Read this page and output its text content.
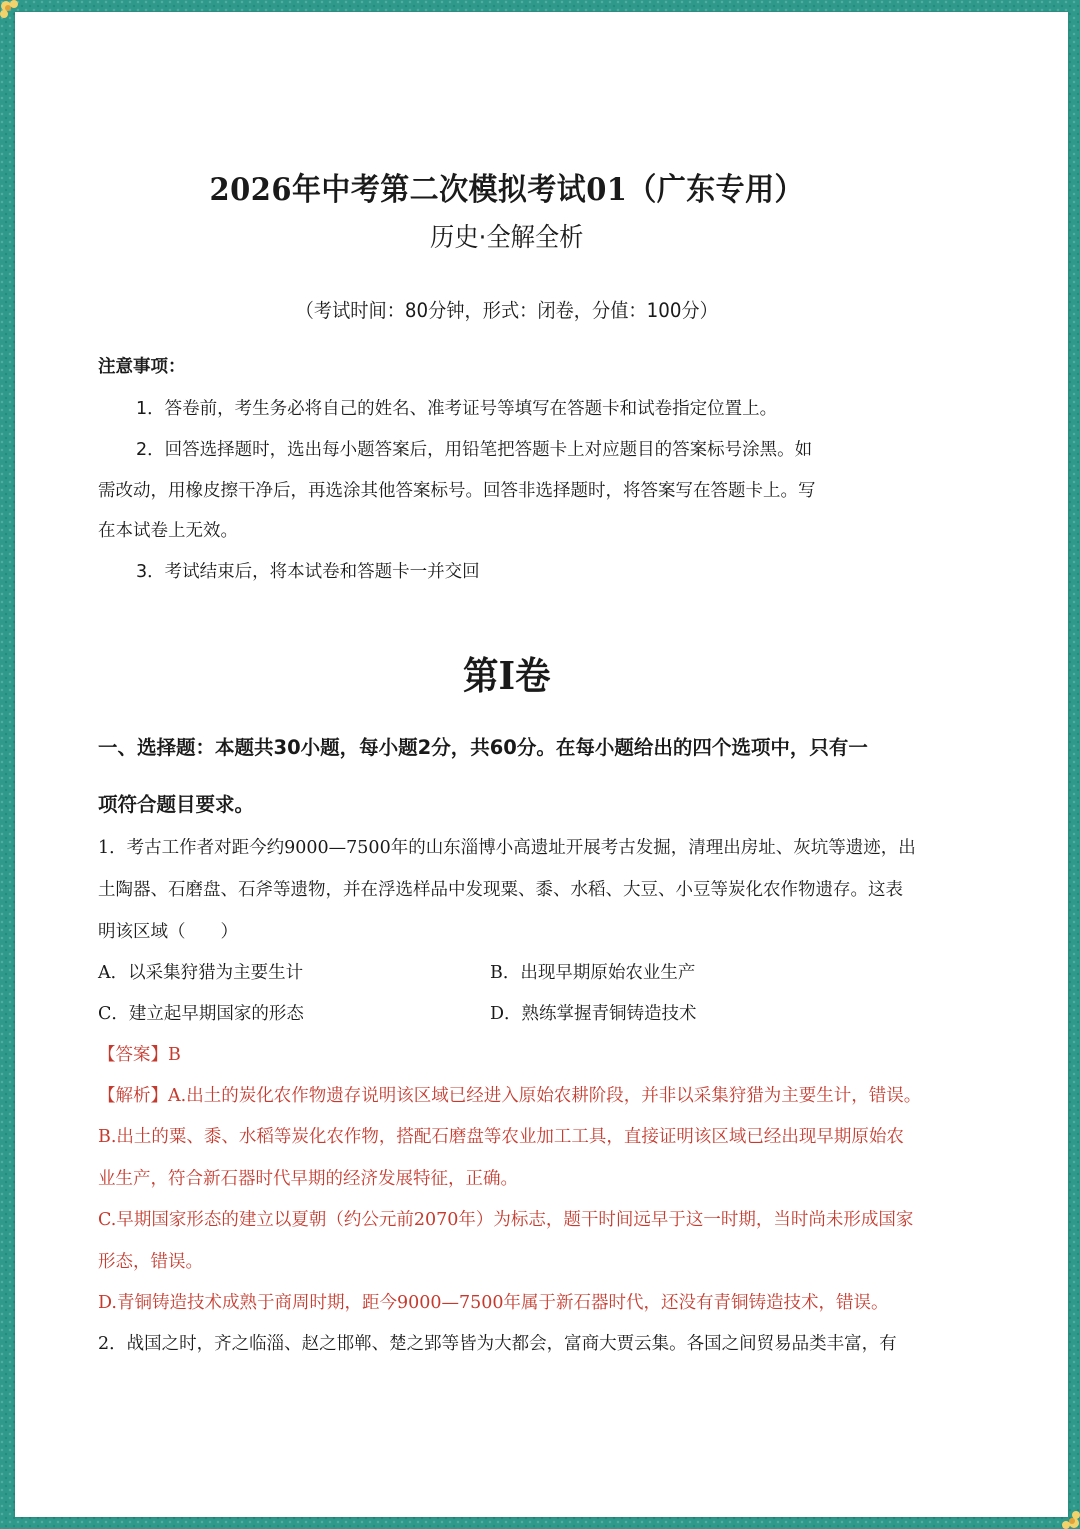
2026年中考第二次模拟考试01（广东专用）
历史·全解全析
（考试时间：80分钟，形式：闭卷，分值：100分）
注意事项：
1．答卷前，考生务必将自己的姓名、准考证号等填写在答题卡和试卷指定位置上。
2．回答选择题时，选出每小题答案后，用铅笔把答题卡上对应题目的答案标号涂黑。如
需改动，用橡皮擦干净后，再选涂其他答案标号。回答非选择题时，将答案写在答题卡上。写
在本试卷上无效。
3．考试结束后，将本试卷和答题卡一并交回
第Ⅰ卷
一、选择题：本题共30小题，每小题2分，共60分。在每小题给出的四个选项中，只有一
项符合题目要求。
1．考古工作者对距今约9000—7500年的山东淄博小高遗址开展考古发掘，清理出房址、灰坑等遗迹，出
土陶器、石磨盘、石斧等遗物，并在浮选样品中发现粟、黍、水稻、大豆、小豆等炭化农作物遗存。这表
明该区域（　　）
A．以采集狩猎为主要生计	B．出现早期原始农业生产
C．建立起早期国家的形态	D．熟练掌握青铜铸造技术
【答案】B
【解析】A.出土的炭化农作物遗存说明该区域已经进入原始农耕阶段，并非以采集狩猎为主要生计，错误。
B.出土的粟、黍、水稻等炭化农作物，搭配石磨盘等农业加工工具，直接证明该区域已经出现早期原始农
业生产，符合新石器时代早期的经济发展特征，正确。
C.早期国家形态的建立以夏朝（约公元前2070年）为标志，题干时间远早于这一时期，当时尚未形成国家
形态，错误。
D.青铜铸造技术成熟于商周时期，距今9000—7500年属于新石器时代，还没有青铜铸造技术，错误。
2．战国之时，齐之临淄、赵之邯郸、楚之郢等皆为大都会，富商大贾云集。各国之间贸易品类丰富，有
